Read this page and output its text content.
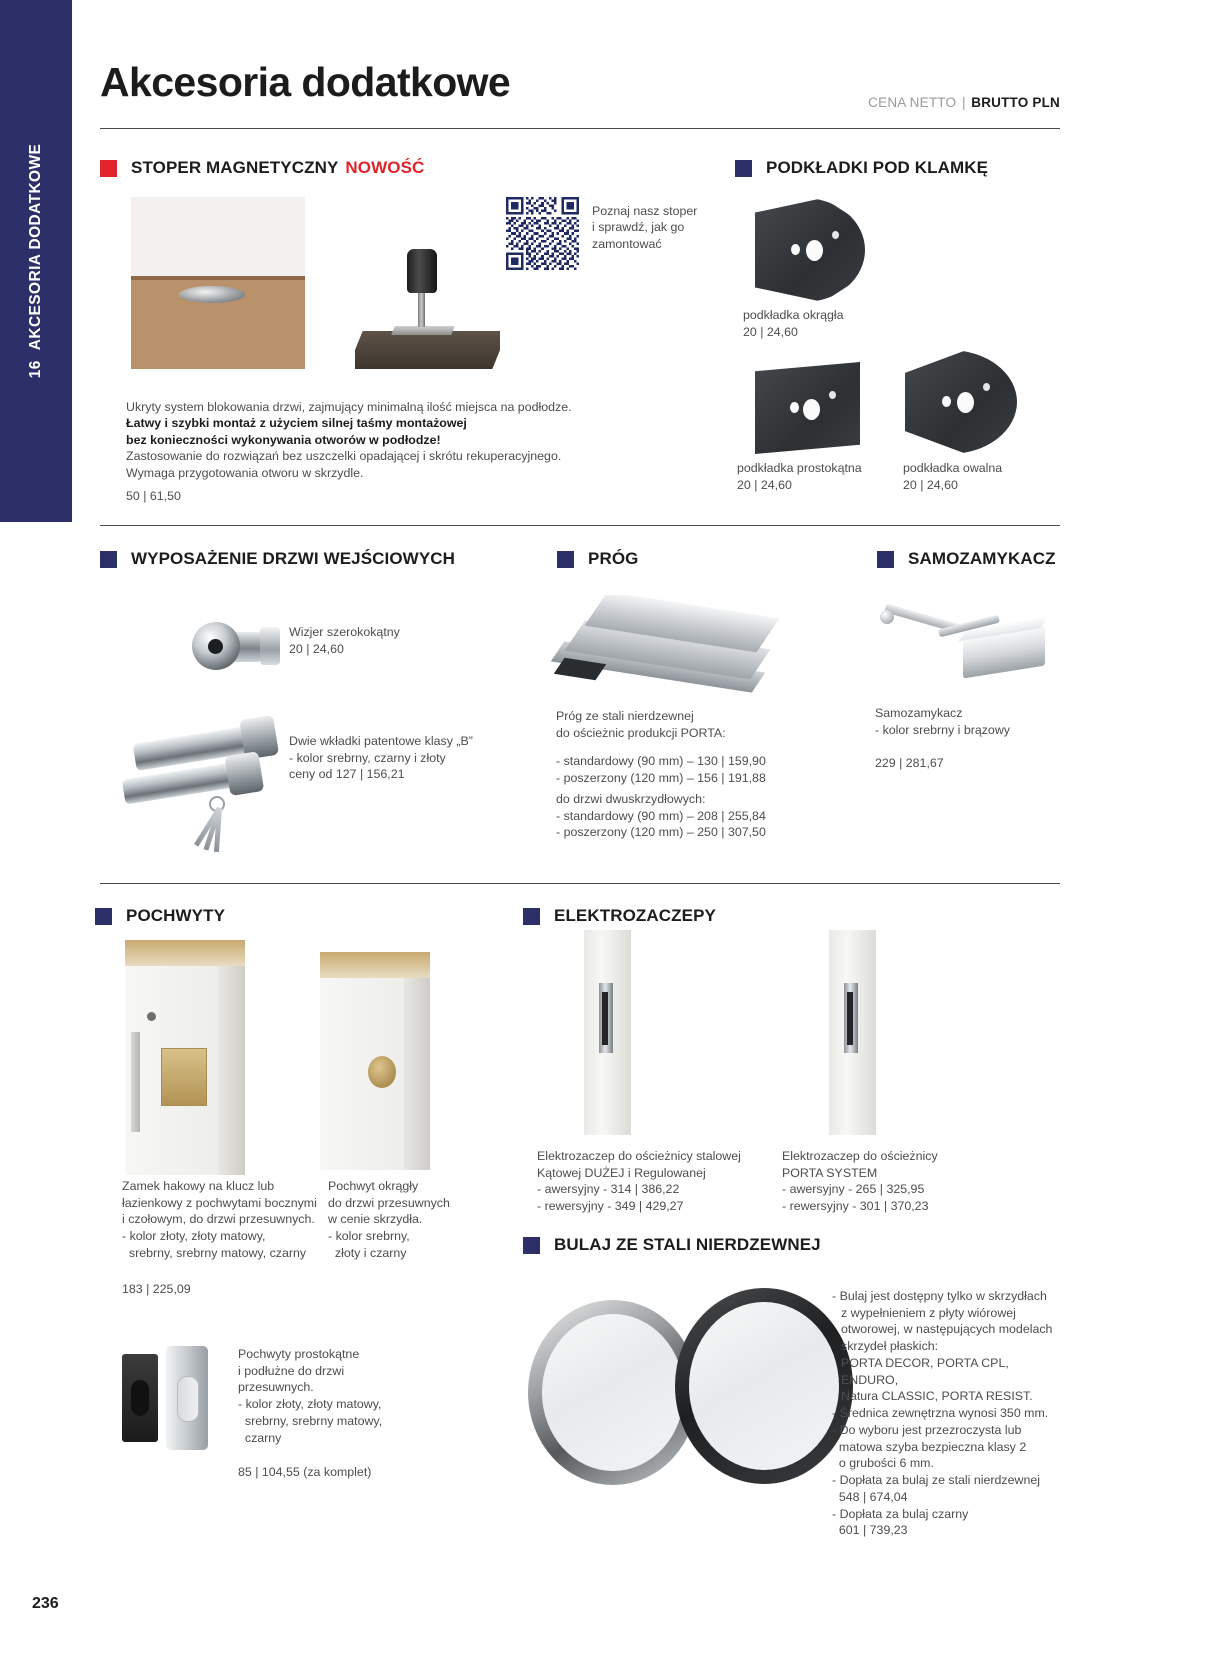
16
AKCESORIA DODATKOWE
Akcesoria dodatkowe	CENA NETTO | BRUTTO PLN
STOPER MAGNETYCZNY NOWOŚĆ
Poznaj nasz stoper
i sprawdź, jak go
zamontować
Ukryty system blokowania drzwi, zajmujący minimalną ilość miejsca na podłodze.
Łatwy i szybki montaż z użyciem silnej taśmy montażowej
bez konieczności wykonywania otworów w podłodze!
Zastosowanie do rozwiązań bez uszczelki opadającej i skrótu rekuperacyjnego.
Wymaga przygotowania otworu w skrzydle.
50 | 61,50
PODKŁADKI POD KLAMKĘ
podkładka okrągła
20 | 24,60
podkładka prostokątna
20 | 24,60
podkładka owalna
20 | 24,60
WYPOSAŻENIE DRZWI WEJŚCIOWYCH
Wizjer szerokokątny
20 | 24,60
Dwie wkładki patentowe klasy „B”
- kolor srebrny, czarny i złoty
ceny od 127 | 156,21
PRÓG
Próg ze stali nierdzewnej
do ościeżnic produkcji PORTA:
- standardowy (90 mm) – 130 | 159,90
- poszerzony (120 mm) – 156 | 191,88
do drzwi dwuskrzydłowych:
- standardowy (90 mm) – 208 | 255,84
- poszerzony (120 mm) – 250 | 307,50
SAMOZAMYKACZ
Samozamykacz
- kolor srebrny i brązowy
229 | 281,67
POCHWYTY
Zamek hakowy na klucz lub
łazienkowy z pochwytami bocznymi
i czołowym, do drzwi przesuwnych.
- kolor złoty, złoty matowy,
srebrny, srebrny matowy, czarny
183 | 225,09
Pochwyt okrągły
do drzwi przesuwnych
w cenie skrzydła.
- kolor srebrny,
złoty i czarny
Pochwyty prostokątne
i podłużne do drzwi
przesuwnych.
- kolor złoty, złoty matowy,
srebrny, srebrny matowy,
czarny
85 | 104,55 (za komplet)
ELEKTROZACZEPY
Elektrozaczep do ościeżnicy stalowej
Kątowej DUŻEJ i Regulowanej
- awersyjny - 314 | 386,22
- rewersyjny - 349 | 429,27
Elektrozaczep do ościeżnicy
PORTA SYSTEM
- awersyjny - 265 | 325,95
- rewersyjny - 301 | 370,23
BULAJ ZE STALI NIERDZEWNEJ
- Bulaj jest dostępny tylko w skrzydłach
z wypełnieniem z płyty wiórowej
otworowej, w następujących modelach
skrzydeł płaskich:
PORTA DECOR, PORTA CPL, ENDURO,
Natura CLASSIC, PORTA RESIST.
- Średnica zewnętrzna wynosi 350 mm.
- Do wyboru jest przezroczysta lub
matowa szyba bezpieczna klasy 2
o grubości 6 mm.
- Dopłata za bulaj ze stali nierdzewnej
548 | 674,04
- Dopłata za bulaj czarny
601 | 739,23
236
